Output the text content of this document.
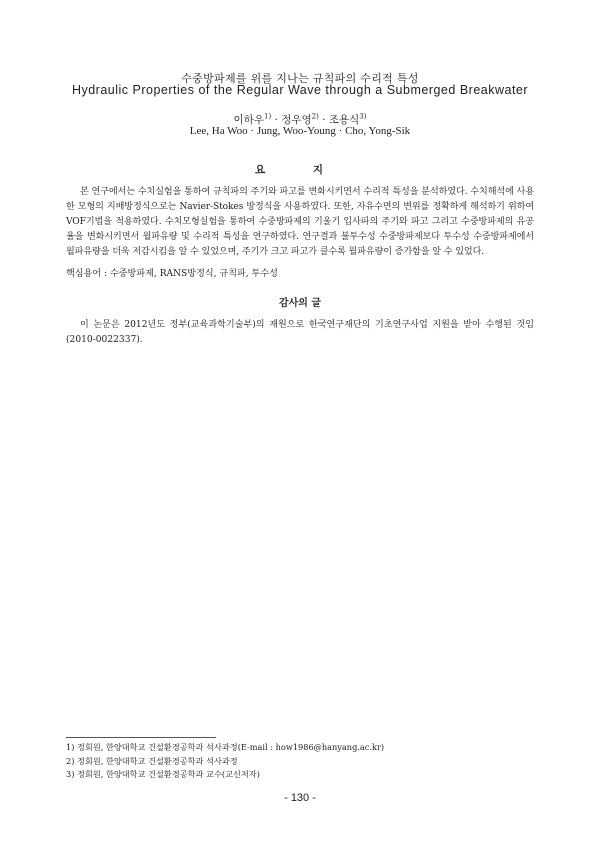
수중방파제를 위를 지나는 규칙파의 수리적 특성
Hydraulic Properties of the Regular Wave through a Submerged Breakwater
이하우$^{1)}$ · 정우영$^{2)}$ · 조용식$^{3)}$
Lee, Ha Woo · Jung, Woo-Young · Cho, Yong-Sik
요 지

본 연구에서는 수치실험을 통하여 규칙파의 주기와 파고를 변화시키면서 수리적 특성을 분석하였다. 수치해석에 사용한 모형의 지배방정식으로는 Navier-Stokes 방정식을 사용하였다. 또한, 자유수면의 변위를 정확하게 해석하기 위하여 VOF기법을 적용하였다. 수치모형실험을 통하여 수중방파제의 기울기 입사파의 주기와 파고 그리고 수중방파제의 유공율을 변화시키면서 월파유량 및 수리적 특성을 연구하였다. 연구결과 불투수성 수중방파제보다 투수성 수중방파제에서 월파유량을 더욱 저감시킴을 알 수 있었으며, 주기가 크고 파고가 클수록 월파유량이 증가함을 알 수 있었다.

핵심용어 : 수중방파제, RANS방정식, 규칙파, 투수성
감사의 글

이 논문은 2012년도 정부(교육과학기술부)의 재원으로 한국연구재단의 기초연구사업 지원을 받아 수행된 것임(2010-0022337).

1) 정회원, 한양대학교 건설환경공학과 석사과정(E-mail : how1986@hanyang.ac.kr)
2) 정회원, 한양대학교 건설환경공학과 석사과정
3) 정회원, 한양대학교 건설환경공학과 교수(교신저자)
- 130 -
